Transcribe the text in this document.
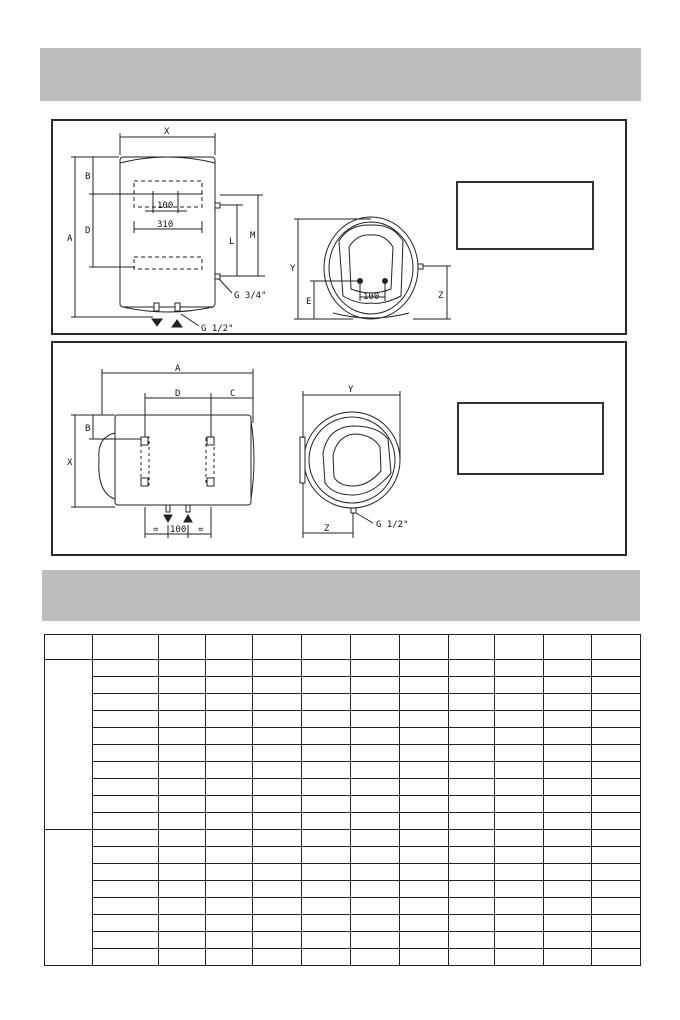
X
A
B
D
100
310
L
M
G 3/4"
G 1/2"
Y
E	100	Z
A
D	C
B
X
= 100 =
Y
Z	G 1/2"
